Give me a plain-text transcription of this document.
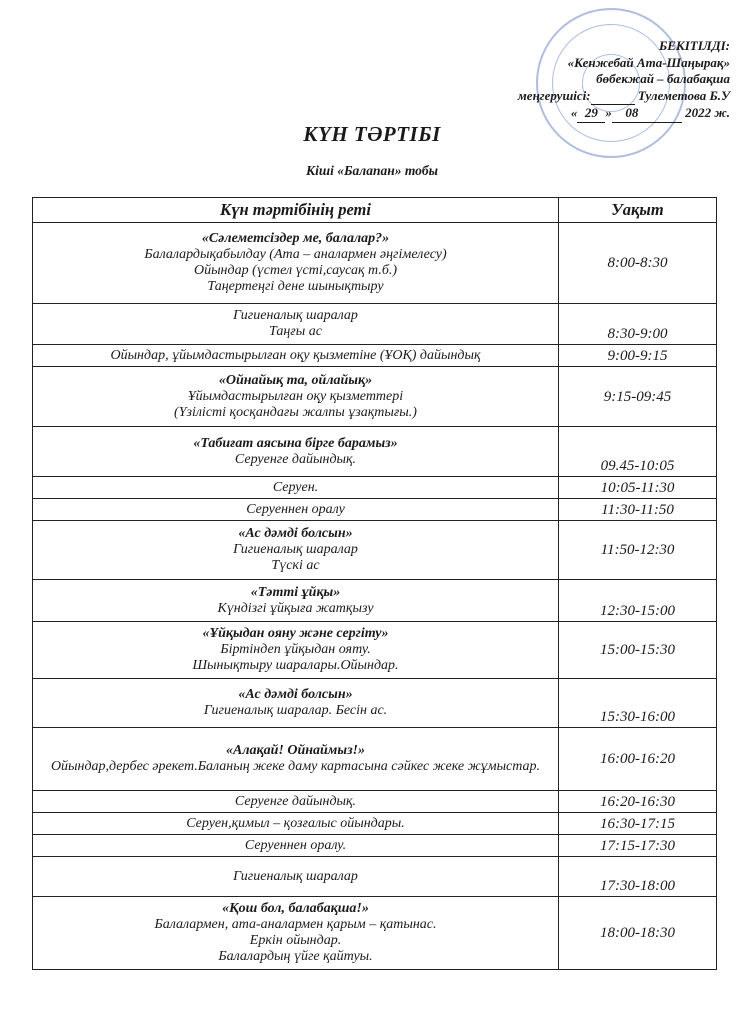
БЕКІТІЛДІ:
«Кенжебай Ата-Шаңырақ»
бөбекжай – балабақша
меңгерушісі:	Тулеметова Б.У
« 29 » 08	2022 ж.
КҮН ТӘРТІБІ
Кіші «Балапан» тобы
Күн тәртібінің реті	Уақыт

«Сәлеметсіздер ме, балалар?»
Балалардықабылдау (Ата – аналармен әңгімелесу)
Ойындар (үстел үсті,саусақ т.б.)
Таңертеңгі дене шынықтыру	8:00-8:30

Гигиеналық шаралар
Таңғы ас	8:30-9:00

Ойындар, ұйымдастырылған оқу қызметіне (ҰОҚ) дайындық	9:00-9:15

«Ойнайық та, ойлайық»
Ұйымдастырылған оқу қызметтері
(Үзілісті қосқандағы жалпы ұзақтығы.)	9:15-09:45

«Табиғат аясына бірге барамыз»
Серуенге дайындық.	09.45-10:05

Серуен.	10:05-11:30

Серуеннен оралу	11:30-11:50

«Ас дәмді болсын»
Гигиеналық шаралар
Түскі ас	11:50-12:30

«Тәтті ұйқы»
Күндізгі ұйқыға жатқызу	12:30-15:00

«Ұйқыдан ояну және сергіту»
Біртіндеп ұйқыдан ояту.
Шынықтыру шаралары.Ойындар.	15:00-15:30

«Ас дәмді болсын»
Гигиеналық шаралар. Бесін ас.	15:30-16:00

«Алақай! Ойнаймыз!»
Ойындар,дербес әрекет.Баланың жеке даму картасына сәйкес жеке жұмыстар.	16:00-16:20

Серуенге дайындық.	16:20-16:30

Серуен,қимыл – қозғалыс ойындары.	16:30-17:15

Серуеннен оралу.	17:15-17:30

Гигиеналық шаралар	17:30-18:00

«Қош бол, балабақша!»
Балалармен, ата-аналармен қарым – қатынас.
Еркін ойындар.
Балалардың үйге қайтуы.	18:00-18:30
